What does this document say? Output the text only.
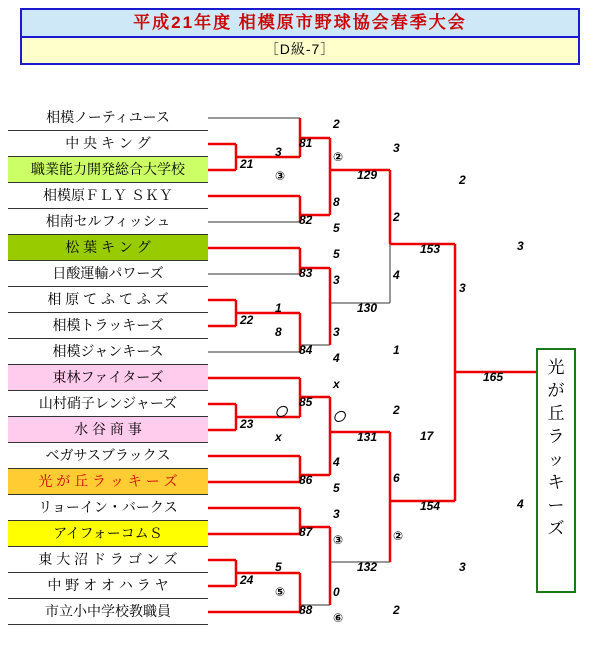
平成21年度 相模原市野球協会春季大会
［D級-7］
相模ノーティユース
中 央 キ ン グ
職業能力開発総合大学校
相模原ＦＬＹ ＳＫＹ
相南セルフィッシュ
松 葉 キ ン グ
日酸運輸パワーズ
相 原 て ふ て ふ ズ
相模トラッキーズ
相模ジャンキース
東林ファイターズ
山村硝子レンジャーズ
水 谷 商 事
ベガサスブラックス
光 が 丘 ラ ッ キ ー ズ
リョーイン・バークス
アイフォーコムＳ
東 大 沼 ド ラ ゴ ン ズ
中 野 オ オ ハ ラ ヤ
市立小中学校教職員
2
3	3
21
81
③
②
129	2
8
82	2
5
153	3
5
83	4
3
1	130
3
22
3
8
84	1
4
x
2
165
〇
85
〇
23
131	17
x
4
86	6
5
154	4
3
87	②
③
132	3
5
24
0
⑤
88	2
⑥
光
が
丘
ラ
ッ
キ
ー
ズ
